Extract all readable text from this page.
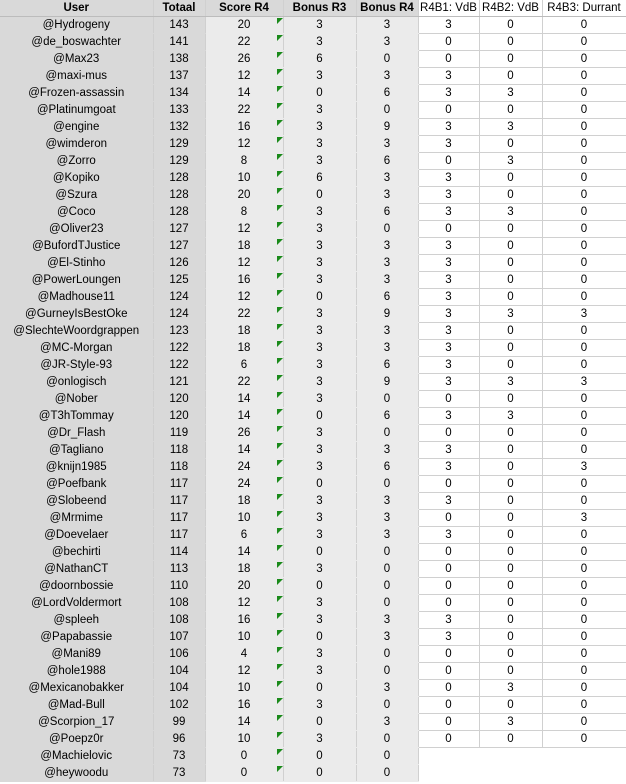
User	Totaal	Score R4	Bonus R3	Bonus R4	R4B1: VdB	R4B2: VdB	R4B3: Durrant
@Hydrogeny	143	20	3	3	3	0	0
@de_boswachter	141	22	3	3	0	0	0
@Max23	138	26	6	0	0	0	0
@maxi-mus	137	12	3	3	3	0	0
@Frozen-assassin	134	14	0	6	3	3	0
@Platinumgoat	133	22	3	0	0	0	0
@engine	132	16	3	9	3	3	0
@wimderon	129	12	3	3	3	0	0
@Zorro	129	8	3	6	0	3	0
@Kopiko	128	10	6	3	3	0	0
@Szura	128	20	0	3	3	0	0
@Coco	128	8	3	6	3	3	0
@Oliver23	127	12	3	0	0	0	0
@BufordTJustice	127	18	3	3	3	0	0
@El-Stinho	126	12	3	3	3	0	0
@PowerLoungen	125	16	3	3	3	0	0
@Madhouse11	124	12	0	6	3	0	0
@GurneyIsBestOke	124	22	3	9	3	3	3
@SlechteWoordgrappen	123	18	3	3	3	0	0
@MC-Morgan	122	18	3	3	3	0	0
@JR-Style-93	122	6	3	6	3	0	0
@onlogisch	121	22	3	9	3	3	3
@Nober	120	14	3	0	0	0	0
@T3hTommay	120	14	0	6	3	3	0
@Dr_Flash	119	26	3	0	0	0	0
@Tagliano	118	14	3	3	3	0	0
@knijn1985	118	24	3	6	3	0	3
@Poefbank	117	24	0	0	0	0	0
@Slobeend	117	18	3	3	3	0	0
@Mrmime	117	10	3	3	0	0	3
@Doevelaer	117	6	3	3	3	0	0
@bechirti	114	14	0	0	0	0	0
@NathanCT	113	18	3	0	0	0	0
@doornbossie	110	20	0	0	0	0	0
@LordVoldermort	108	12	3	0	0	0	0
@spleeh	108	16	3	3	3	0	0
@Papabassie	107	10	0	3	3	0	0
@Mani89	106	4	3	0	0	0	0
@hole1988	104	12	3	0	0	0	0
@Mexicanobakker	104	10	0	3	0	3	0
@Mad-Bull	102	16	3	0	0	0	0
@Scorpion_17	99	14	0	3	0	3	0
@Poepz0r	96	10	3	0	0	0	0
@Machielovic	73	0	0	0			
@heywoodu	73	0	0	0			
